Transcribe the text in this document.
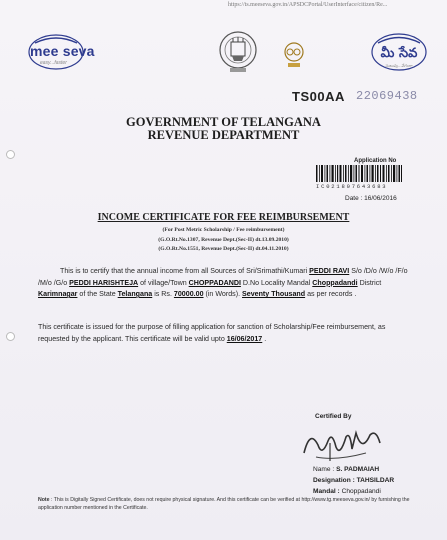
https://ts.meeseva.gov.in/APSDCPortal/UserInterface/citizen/Re...
mee seva
easy...faster
మీ సేవ
సులువు...వేగంగా
TS00AA 22069438
GOVERNMENT OF TELANGANA
REVENUE DEPARTMENT
Application No
IC021807643683
Date : 16/06/2016
INCOME CERTIFICATE FOR FEE REIMBURSEMENT
(For Post Metric Scholarship / Fee reimbursement)
(G.O.Rt.No.1307, Revenue Dept.(Sec-II) dt.13.09.2010)
(G.O.Rt.No.1551, Revenue Dept.(Sec-II) dt.04.11.2010)
This is to certify that the annual income from all Sources of Sri/Srimathi/Kumari PEDDI RAVI S/o /D/o /W/o /F/o /M/o /G/o PEDDI HARISHTEJA of village/Town CHOPPADANDI D.No Locality Mandal Choppadandi District Karimnagar of the State Telangana is Rs. 70000.00 (in Words). Seventy Thousand as per records .
This certificate is issued for the purpose of filling application for sanction of Scholarship/Fee reimbursement, as requested by the applicant. This certificate will be valid upto 16/06/2017 .
Certified By
Name : S. PADMAIAH
Designation : TAHSILDAR
Mandal : Choppadandi
Note : This is Digitally Signed Certificate, does not require physical signature. And this certificate can be verified at http://www.tg.meeseva.gov.in/ by furnishing the application number mentioned in the Certificate.
